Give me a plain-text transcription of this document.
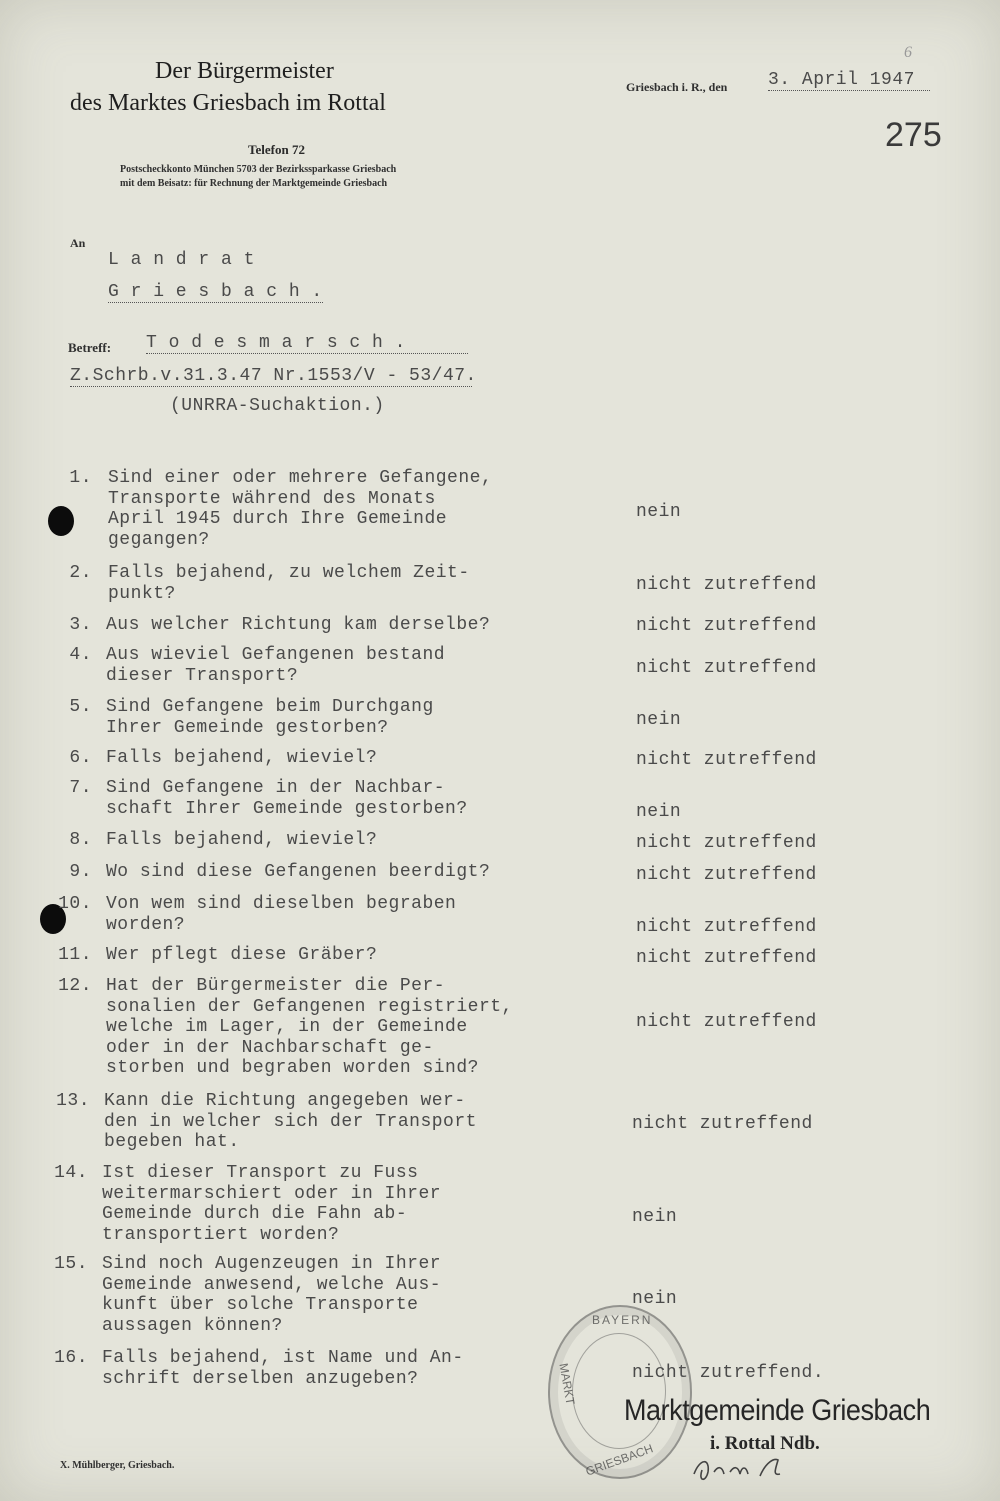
Der Bürgermeister
des Marktes Griesbach im Rottal
Telefon 72
Postscheckkonto München 5703 der Bezirkssparkasse Griesbach
mit dem Beisatz: für Rechnung der Marktgemeinde Griesbach
Griesbach i. R., den 3. April 1947
6
275
An
L a n d r a t
G r i e s b a c h .
Betreff: T o d e s m a r s c h .
Z.Schrb.v.31.3.47 Nr.1553/V - 53/47.
(UNRRA-Suchaktion.)
1. Sind einer oder mehrere Gefangene,
Transporte während des Monats
April 1945 durch Ihre Gemeinde
gegangen?
nein
2. Falls bejahend, zu welchem Zeit-
punkt?	nicht zutreffend
3. Aus welcher Richtung kam derselbe?	nicht zutreffend
4. Aus wieviel Gefangenen bestand
dieser Transport?	nicht zutreffend
5. Sind Gefangene beim Durchgang
Ihrer Gemeinde gestorben?	nein
6. Falls bejahend, wieviel?	nicht zutreffend
7. Sind Gefangene in der Nachbar-
schaft Ihrer Gemeinde gestorben?	nein
8. Falls bejahend, wieviel?	nicht zutreffend
9. Wo sind diese Gefangenen beerdigt?	nicht zutreffend
10. Von wem sind dieselben begraben
worden?	nicht zutreffend
11. Wer pflegt diese Gräber?	nicht zutreffend
12. Hat der Bürgermeister die Per-
sonalien der Gefangenen registriert,
welche im Lager, in der Gemeinde
oder in der Nachbarschaft ge-
storben und begraben worden sind?
nicht zutreffend
13. Kann die Richtung angegeben wer-
den in welcher sich der Transport
begeben hat.
nicht zutreffend
14. Ist dieser Transport zu Fuss
weitermarschiert oder in Ihrer
Gemeinde durch die Fahn ab-
transportiert worden?
nein
15. Sind noch Augenzeugen in Ihrer
Gemeinde anwesend, welche Aus-
kunft über solche Transporte
aussagen können?
nein
16. Falls bejahend, ist Name und An-
schrift derselben anzugeben?	nicht zutreffend.
BAYERN
MARKT
GRIESBACH
Marktgemeinde Griesbach
i. Rottal Ndb.
X. Mühlberger, Griesbach.
